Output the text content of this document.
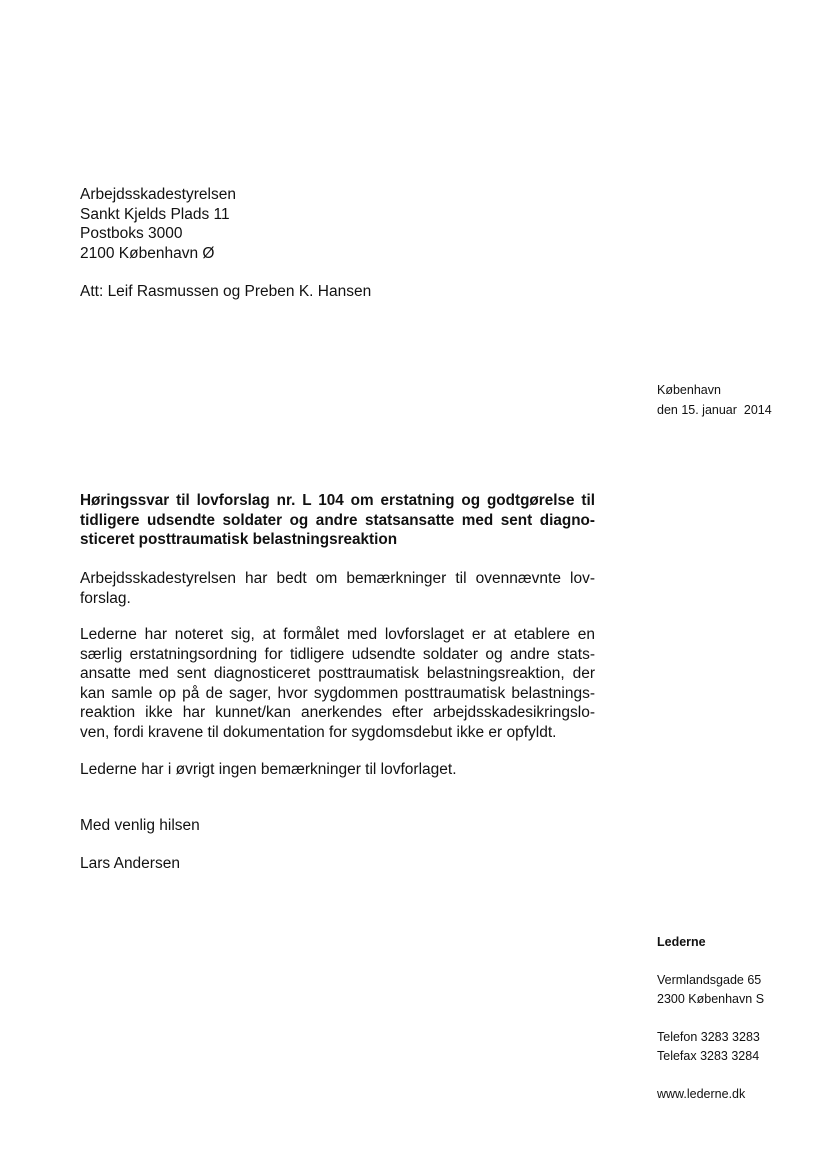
Arbejdsskadestyrelsen
Sankt Kjelds Plads 11
Postboks 3000
2100 København Ø
Att: Leif Rasmussen og Preben K. Hansen
København
den 15. januar  2014
Høringssvar til lovforslag nr. L 104 om erstatning og godtgørelse til
tidligere udsendte soldater og andre statsansatte med sent diagno-
sticeret posttraumatisk belastningsreaktion
Arbejdsskadestyrelsen har bedt om bemærkninger til ovennævnte lov-
forslag.
Lederne har noteret sig, at formålet med lovforslaget er at etablere en
særlig erstatningsordning for tidligere udsendte soldater og andre stats-
ansatte med sent diagnosticeret posttraumatisk belastningsreaktion, der
kan samle op på de sager, hvor sygdommen posttraumatisk belastnings-
reaktion ikke har kunnet/kan anerkendes efter arbejdsskadesikringslo-
ven, fordi kravene til dokumentation for sygdomsdebut ikke er opfyldt.
Lederne har i øvrigt ingen bemærkninger til lovforlaget.
Med venlig hilsen
Lars Andersen
Lederne
Vermlandsgade 65
2300 København S
Telefon 3283 3283
Telefax 3283 3284
www.lederne.dk
